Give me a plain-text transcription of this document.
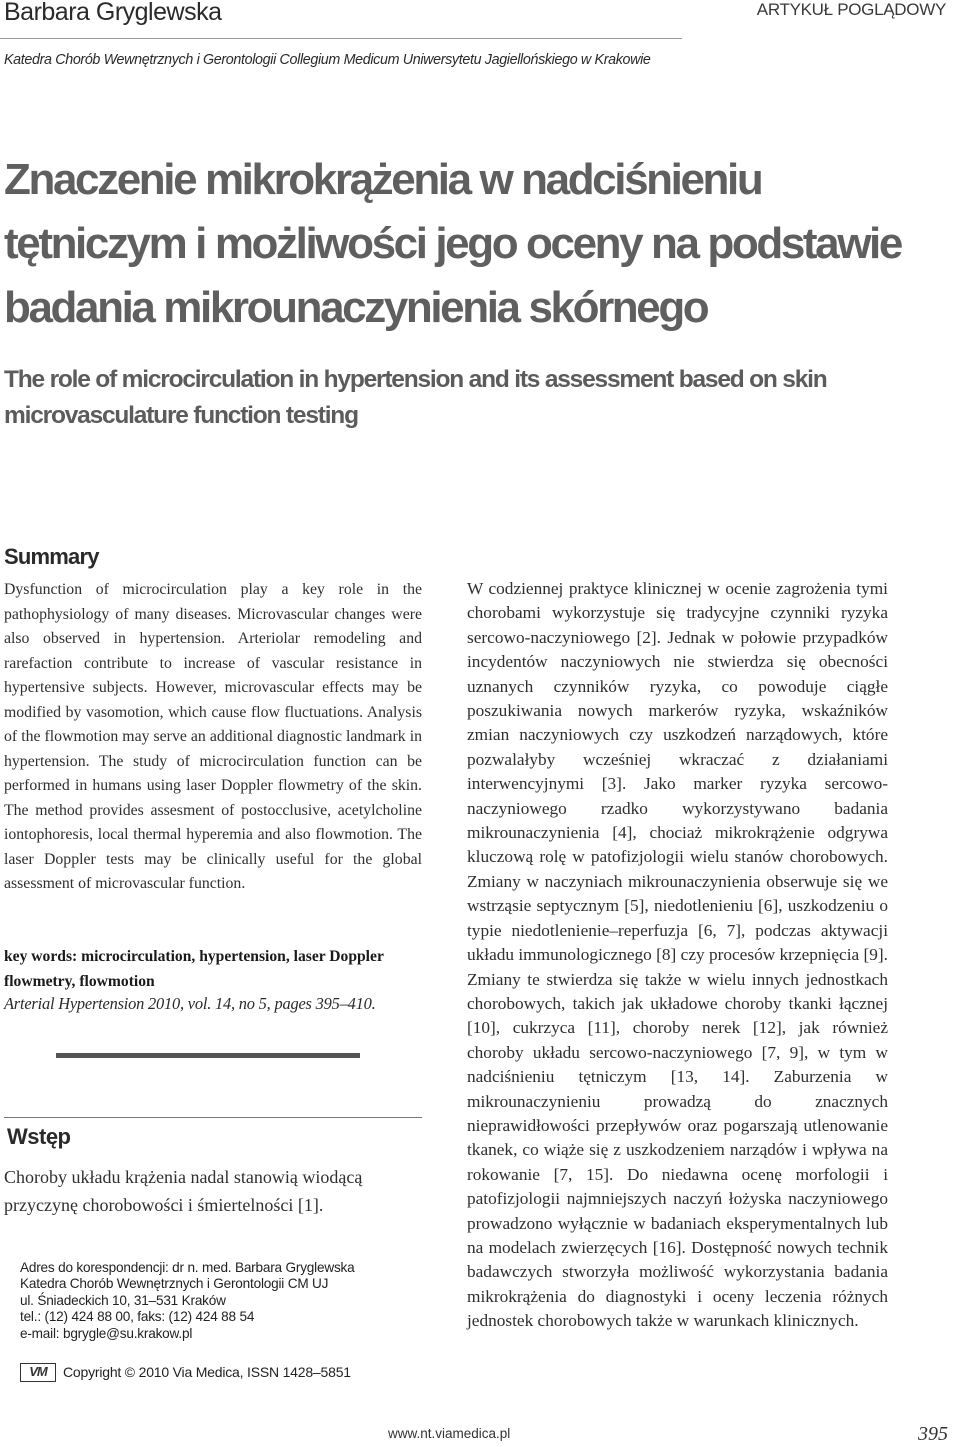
Barbara Gryglewska	ARTYKUŁ POGLĄDOWY
Katedra Chorób Wewnętrznych i Gerontologii Collegium Medicum Uniwersytetu Jagiellońskiego w Krakowie
Znaczenie mikrokrążenia w nadciśnieniu tętniczym i możliwości jego oceny na podstawie badania mikrounaczynienia skórnego
The role of microcirculation in hypertension and its assessment based on skin microvasculature function testing
Summary

Dysfunction of microcirculation play a key role in the pathophysiology of many diseases. Microvascular changes were also observed in hypertension. Arteriolar remodeling and rarefaction contribute to increase of vascular resistance in hypertensive subjects. However, microvascular effects may be modified by vasomotion, which cause flow fluctuations. Analysis of the flowmotion may serve an additional diagnostic landmark in hypertension. The study of microcirculation function can be performed in humans using laser Doppler flowmetry of the skin. The method provides assesment of postocclusive, acetylcholine iontophoresis, local thermal hyperemia and also flowmotion. The laser Doppler tests may be clinically useful for the global assessment of microvascular function.

key words: microcirculation, hypertension, laser Doppler flowmetry, flowmotion

Arterial Hypertension 2010, vol. 14, no 5, pages 395–410.

Wstęp

Choroby układu krążenia nadal stanowią wiodącą przyczynę chorobowości i śmiertelności [1].

Adres do korespondencji: dr n. med. Barbara Gryglewska
Katedra Chorób Wewnętrznych i Gerontologii CM UJ
ul. Śniadeckich 10, 31–531 Kraków
tel.: (12) 424 88 00, faks: (12) 424 88 54
e-mail: bgrygle@su.krakow.pl
VM	Copyright © 2010 Via Medica, ISSN 1428–5851

W codziennej praktyce klinicznej w ocenie zagrożenia tymi chorobami wykorzystuje się tradycyjne czynniki ryzyka sercowo-naczyniowego [2]. Jednak w połowie przypadków incydentów naczyniowych nie stwierdza się obecności uznanych czynników ryzyka, co powoduje ciągłe poszukiwania nowych markerów ryzyka, wskaźników zmian naczyniowych czy uszkodzeń narządowych, które pozwalałyby wcześniej wkraczać z działaniami interwencyjnymi [3]. Jako marker ryzyka sercowo-naczyniowego rzadko wykorzystywano badania mikrounaczynienia [4], chociaż mikrokrążenie odgrywa kluczową rolę w patofizjologii wielu stanów chorobowych. Zmiany w naczyniach mikrounaczynienia obserwuje się we wstrząsie septycznym [5], niedotlenieniu [6], uszkodzeniu o typie niedotlenienie–reperfuzja [6, 7], podczas aktywacji układu immunologicznego [8] czy procesów krzepnięcia [9]. Zmiany te stwierdza się także w wielu innych jednostkach chorobowych, takich jak układowe choroby tkanki łącznej [10], cukrzyca [11], choroby nerek [12], jak również choroby układu sercowo-naczyniowego [7, 9], w tym w nadciśnieniu tętniczym [13, 14]. Zaburzenia w mikrounaczynieniu prowadzą do znacznych nieprawidłowości przepływów oraz pogarszają utlenowanie tkanek, co wiąże się z uszkodzeniem narządów i wpływa na rokowanie [7, 15]. Do niedawna ocenę morfologii i patofizjologii najmniejszych naczyń łożyska naczyniowego prowadzono wyłącznie w badaniach eksperymentalnych lub na modelach zwierzęcych [16]. Dostępność nowych technik badawczych stworzyła możliwość wykorzystania badania mikrokrążenia do diagnostyki i oceny leczenia różnych jednostek chorobowych także w warunkach klinicznych.

www.nt.viamedica.pl	395
